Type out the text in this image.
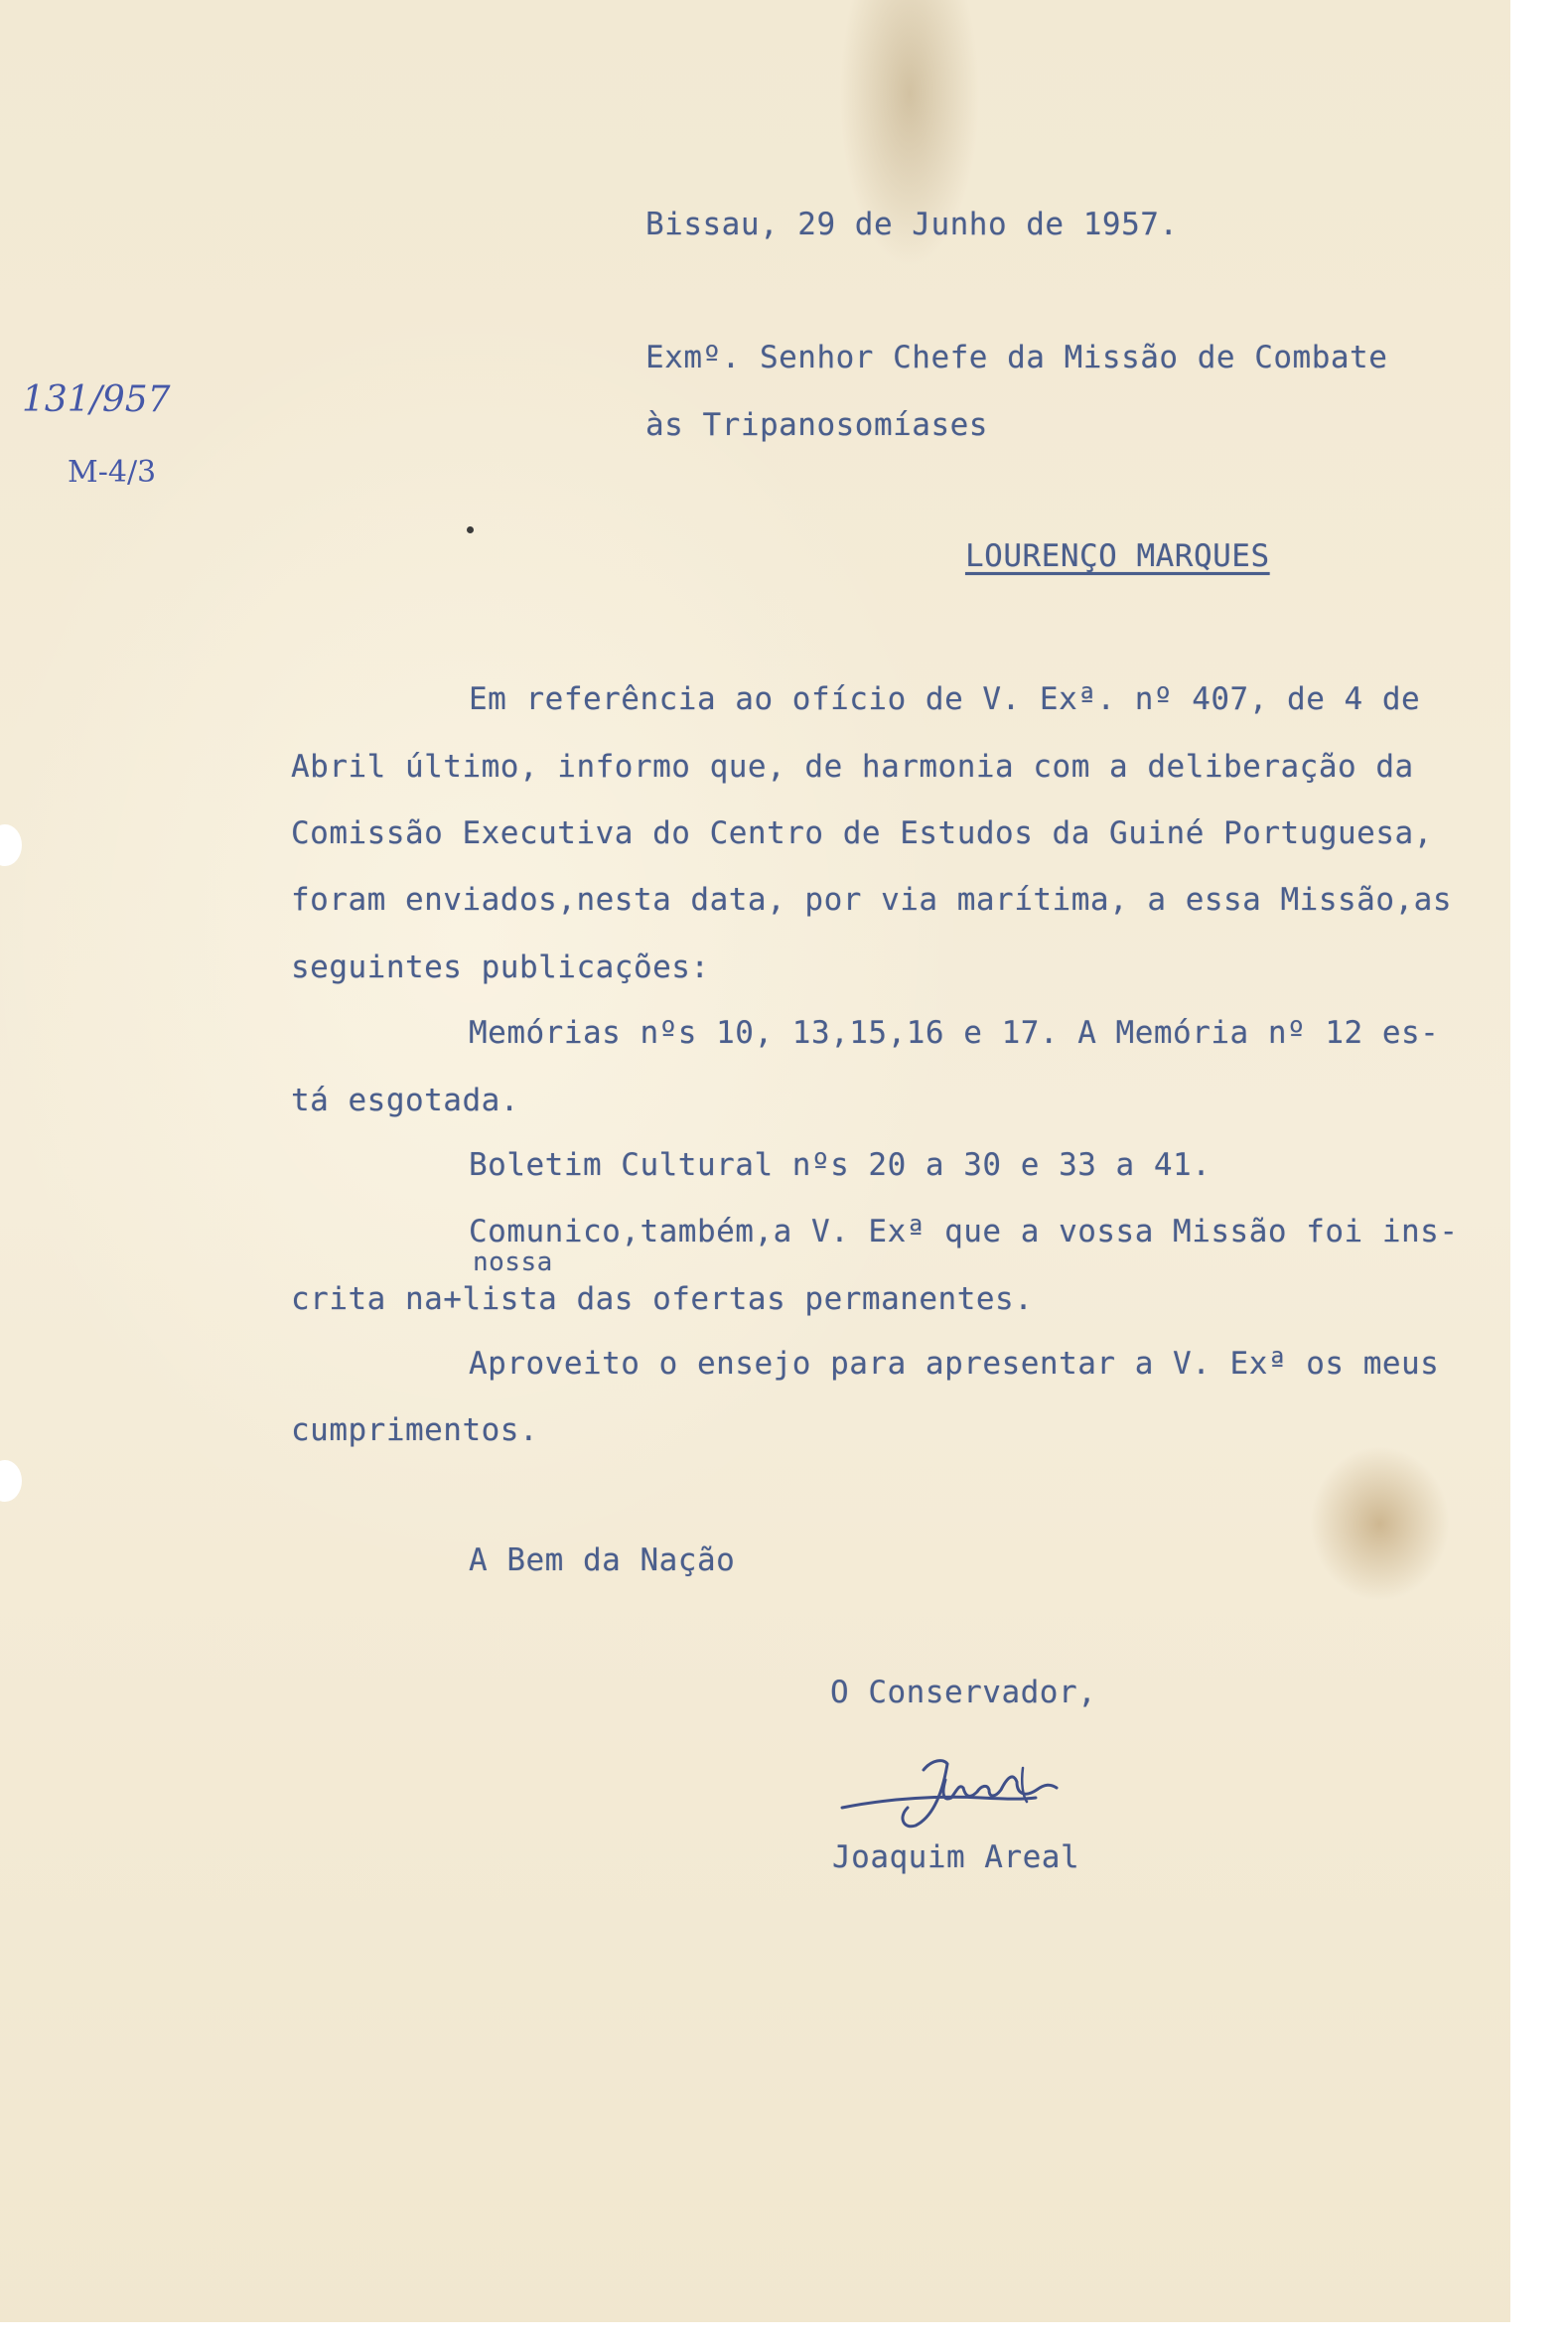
131/957
M-4/3
Bissau, 29 de Junho de 1957.
Exmº. Senhor Chefe da Missão de Combate
às Tripanosomíases
LOURENÇO MARQUES
Em referência ao ofício de V. Exª. nº 407, de 4 de
Abril último, informo que, de harmonia com a deliberação da
Comissão Executiva do Centro de Estudos da Guiné Portuguesa,
foram enviados,nesta data, por via marítima, a essa Missão,as
seguintes publicações:
Memórias nºs 10, 13,15,16 e 17. A Memória nº 12 es-
tá esgotada.
Boletim Cultural nºs 20 a 30 e 33 a 41.
Comunico,também,a V. Exª que a vossa Missão foi ins-
nossa
crita na+lista das ofertas permanentes.
Aproveito o ensejo para apresentar a V. Exª os meus
cumprimentos.
A Bem da Nação
O Conservador,
Joaquim Areal
